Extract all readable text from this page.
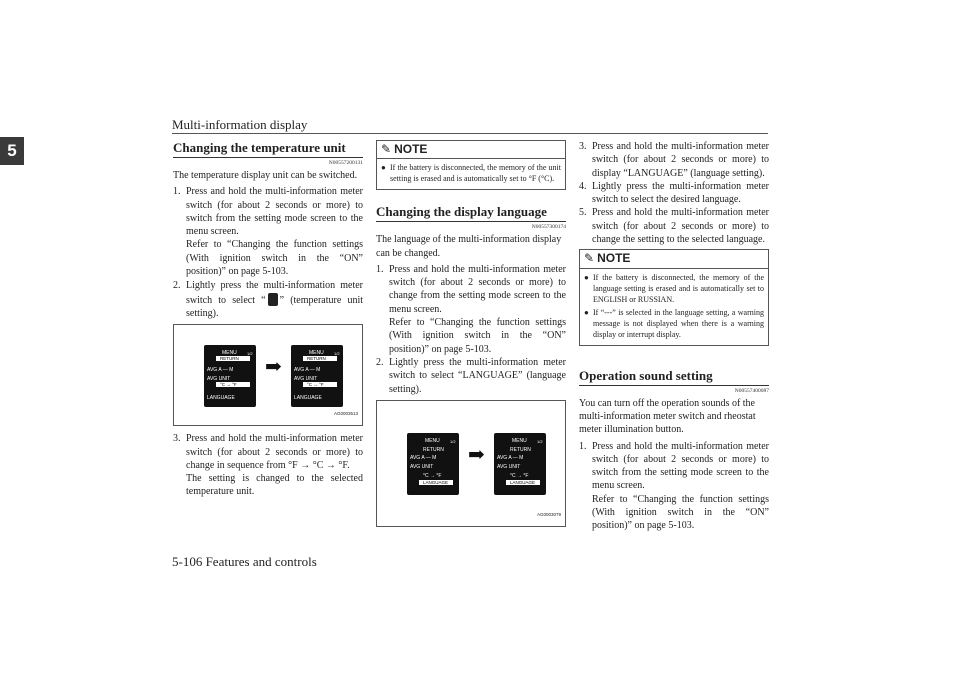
Multi-information display
5	Changing the temperature unit
N00557200131

The temperature display unit can be switched.

1. Press and hold the multi-information meter switch (for about 2 seconds or more) to switch from the setting mode screen to the menu screen.
Refer to “Changing the function settings (With ignition switch in the “ON” position)” on page 5-103.
2. Lightly press the multi-information meter switch to select “ ” (temperature unit setting).
MENU	1/2
RETURN
AVG A — M
AVG UNIT
°C → °F
LANGUAGE
➡
MENU	1/2
RETURN
AVG A — M
AVG UNIT
°C → °F
LANGUAGE
AG0003513
3. Press and hold the multi-information meter switch (for about 2 seconds or more) to change in sequence from °F → °C → °F.
The setting is changed to the selected temperature unit.
✎ NOTE
● If the battery is disconnected, the memory of the unit setting is erased and is automatically set to °F (°C).
Changing the display language
N00557300174

The language of the multi-information display can be changed.

1. Press and hold the multi-information meter switch (for about 2 seconds or more) to change from the setting mode screen to the menu screen.
Refer to “Changing the function settings (With ignition switch in the “ON” position)” on page 5-103.
2. Lightly press the multi-information meter switch to select “LANGUAGE” (language setting).
MENU	1/2
RETURN
AVG A — M
AVG UNIT
°C → °F
LANGUAGE
➡
MENU	1/2
RETURN
AVG A — M
AVG UNIT
°C → °F
LANGUAGE
AG0003079
3. Press and hold the multi-information meter switch (for about 2 seconds or more) to display “LANGUAGE” (language setting).
4. Lightly press the multi-information meter switch to select the desired language.
5. Press and hold the multi-information meter switch (for about 2 seconds or more) to change the setting to the selected language.
✎ NOTE
● If the battery is disconnected, the memory of the language setting is erased and is automatically set to ENGLISH or RUSSIAN.
● If “---” is selected in the language setting, a warning message is not displayed when there is a warning display or interrupt display.
Operation sound setting
N00557400087

You can turn off the operation sounds of the multi-information meter switch and rheostat meter illumination button.

1. Press and hold the multi-information meter switch (for about 2 seconds or more) to switch from the setting mode screen to the menu screen.
Refer to “Changing the function settings (With ignition switch in the “ON” position)” on page 5-103.
5-106 Features and controls
